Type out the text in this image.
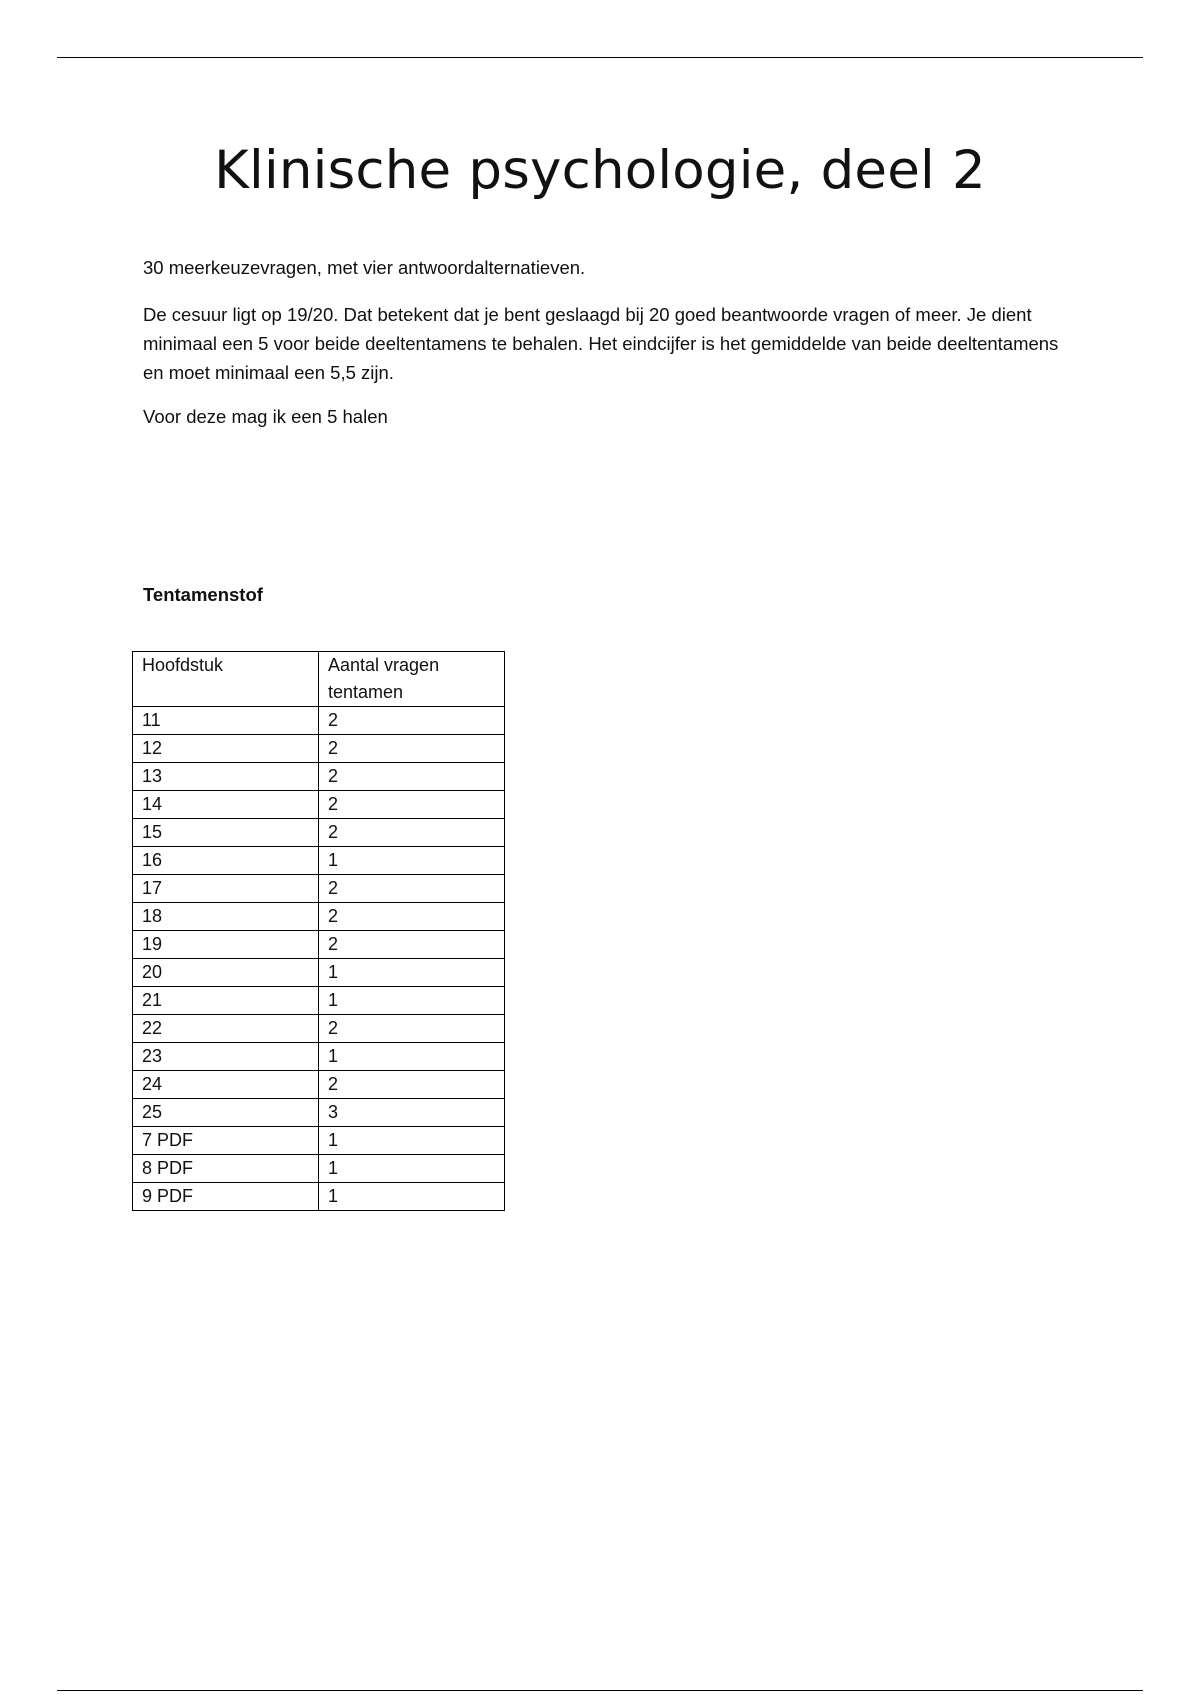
Klinische psychologie, deel 2

30 meerkeuzevragen, met vier antwoordalternatieven.

De cesuur ligt op 19/20. Dat betekent dat je bent geslaagd bij 20 goed beantwoorde vragen of meer. Je dient minimaal een 5 voor beide deeltentamens te behalen. Het eindcijfer is het gemiddelde van beide deeltentamens en moet minimaal een 5,5 zijn.

Voor deze mag ik een 5 halen

Tentamenstof

Hoofdstuk	Aantal vragen tentamen
11	2
12	2
13	2
14	2
15	2
16	1
17	2
18	2
19	2
20	1
21	1
22	2
23	1
24	2
25	3
7 PDF	1
8 PDF	1
9 PDF	1
